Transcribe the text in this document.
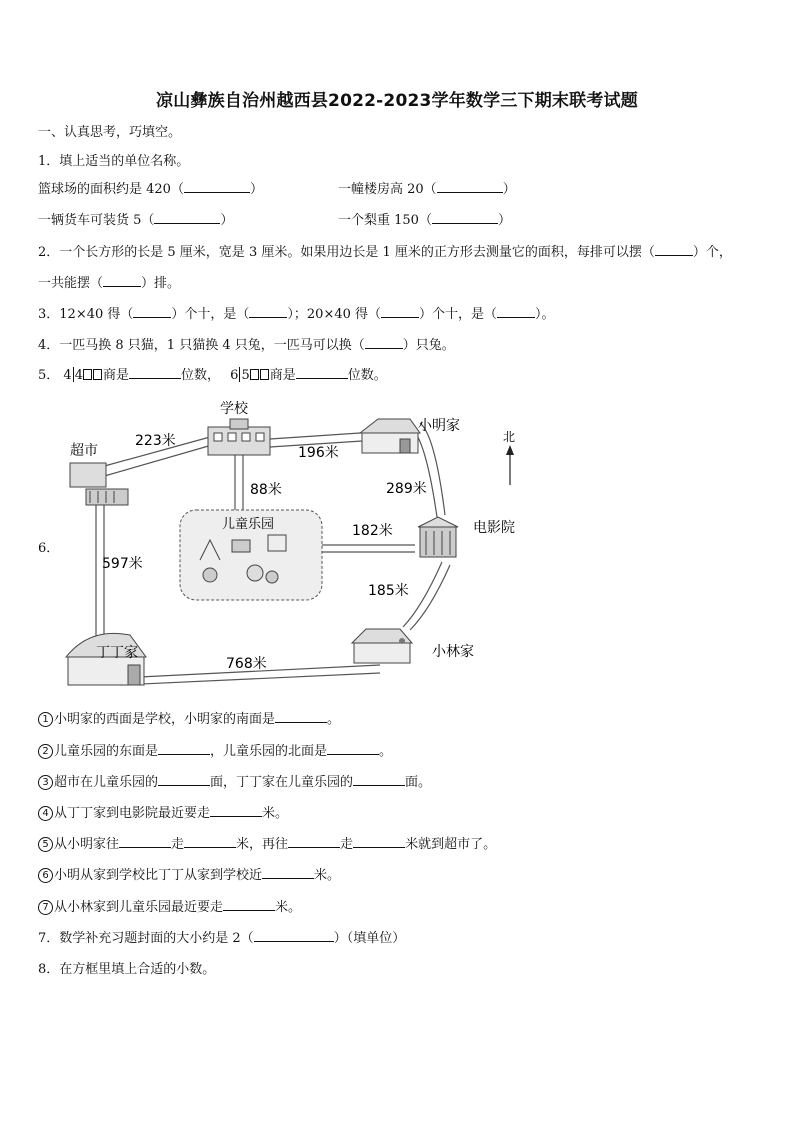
凉山彝族自治州越西县2022-2023学年数学三下期末联考试题
一、认真思考，巧填空。
1．填上适当的单位名称。
篮球场的面积约是 420（	）	一幢楼房高 20（	）
一辆货车可装货 5（	）	一个梨重 150（	）
2．一个长方形的长是 5 厘米，宽是 3 厘米。如果用边长是 1 厘米的正方形去测量它的面积，每排可以摆（	）个，
一共能摆（	）排。
3．12×40 得（	）个十，是（	）；20×40 得（	）个十，是（	）。
4．一匹马换 8 只猫，1 只猫换 4 只兔，一匹马可以换（	）只兔。
5． 4 4 商是	位数， 6 5 商是	位数。
6．
学校
超市
小明家
北
儿童乐园	电影院
小林家
丁丁家
223米
196米
88米	289米
182米
597米
185米
768米
1 小明家的西面是学校，小明家的南面是	。
2 儿童乐园的东面是	，儿童乐园的北面是	。
3 超市在儿童乐园的	面，丁丁家在儿童乐园的	面。
4 从丁丁家到电影院最近要走	米。
5 从小明家往	走	米，再往	走	米就到超市了。
6 小明从家到学校比丁丁从家到学校近	米。
7 从小林家到儿童乐园最近要走	米。
7．数学补充习题封面的大小约是 2（	）（填单位）
8．在方框里填上合适的小数。
